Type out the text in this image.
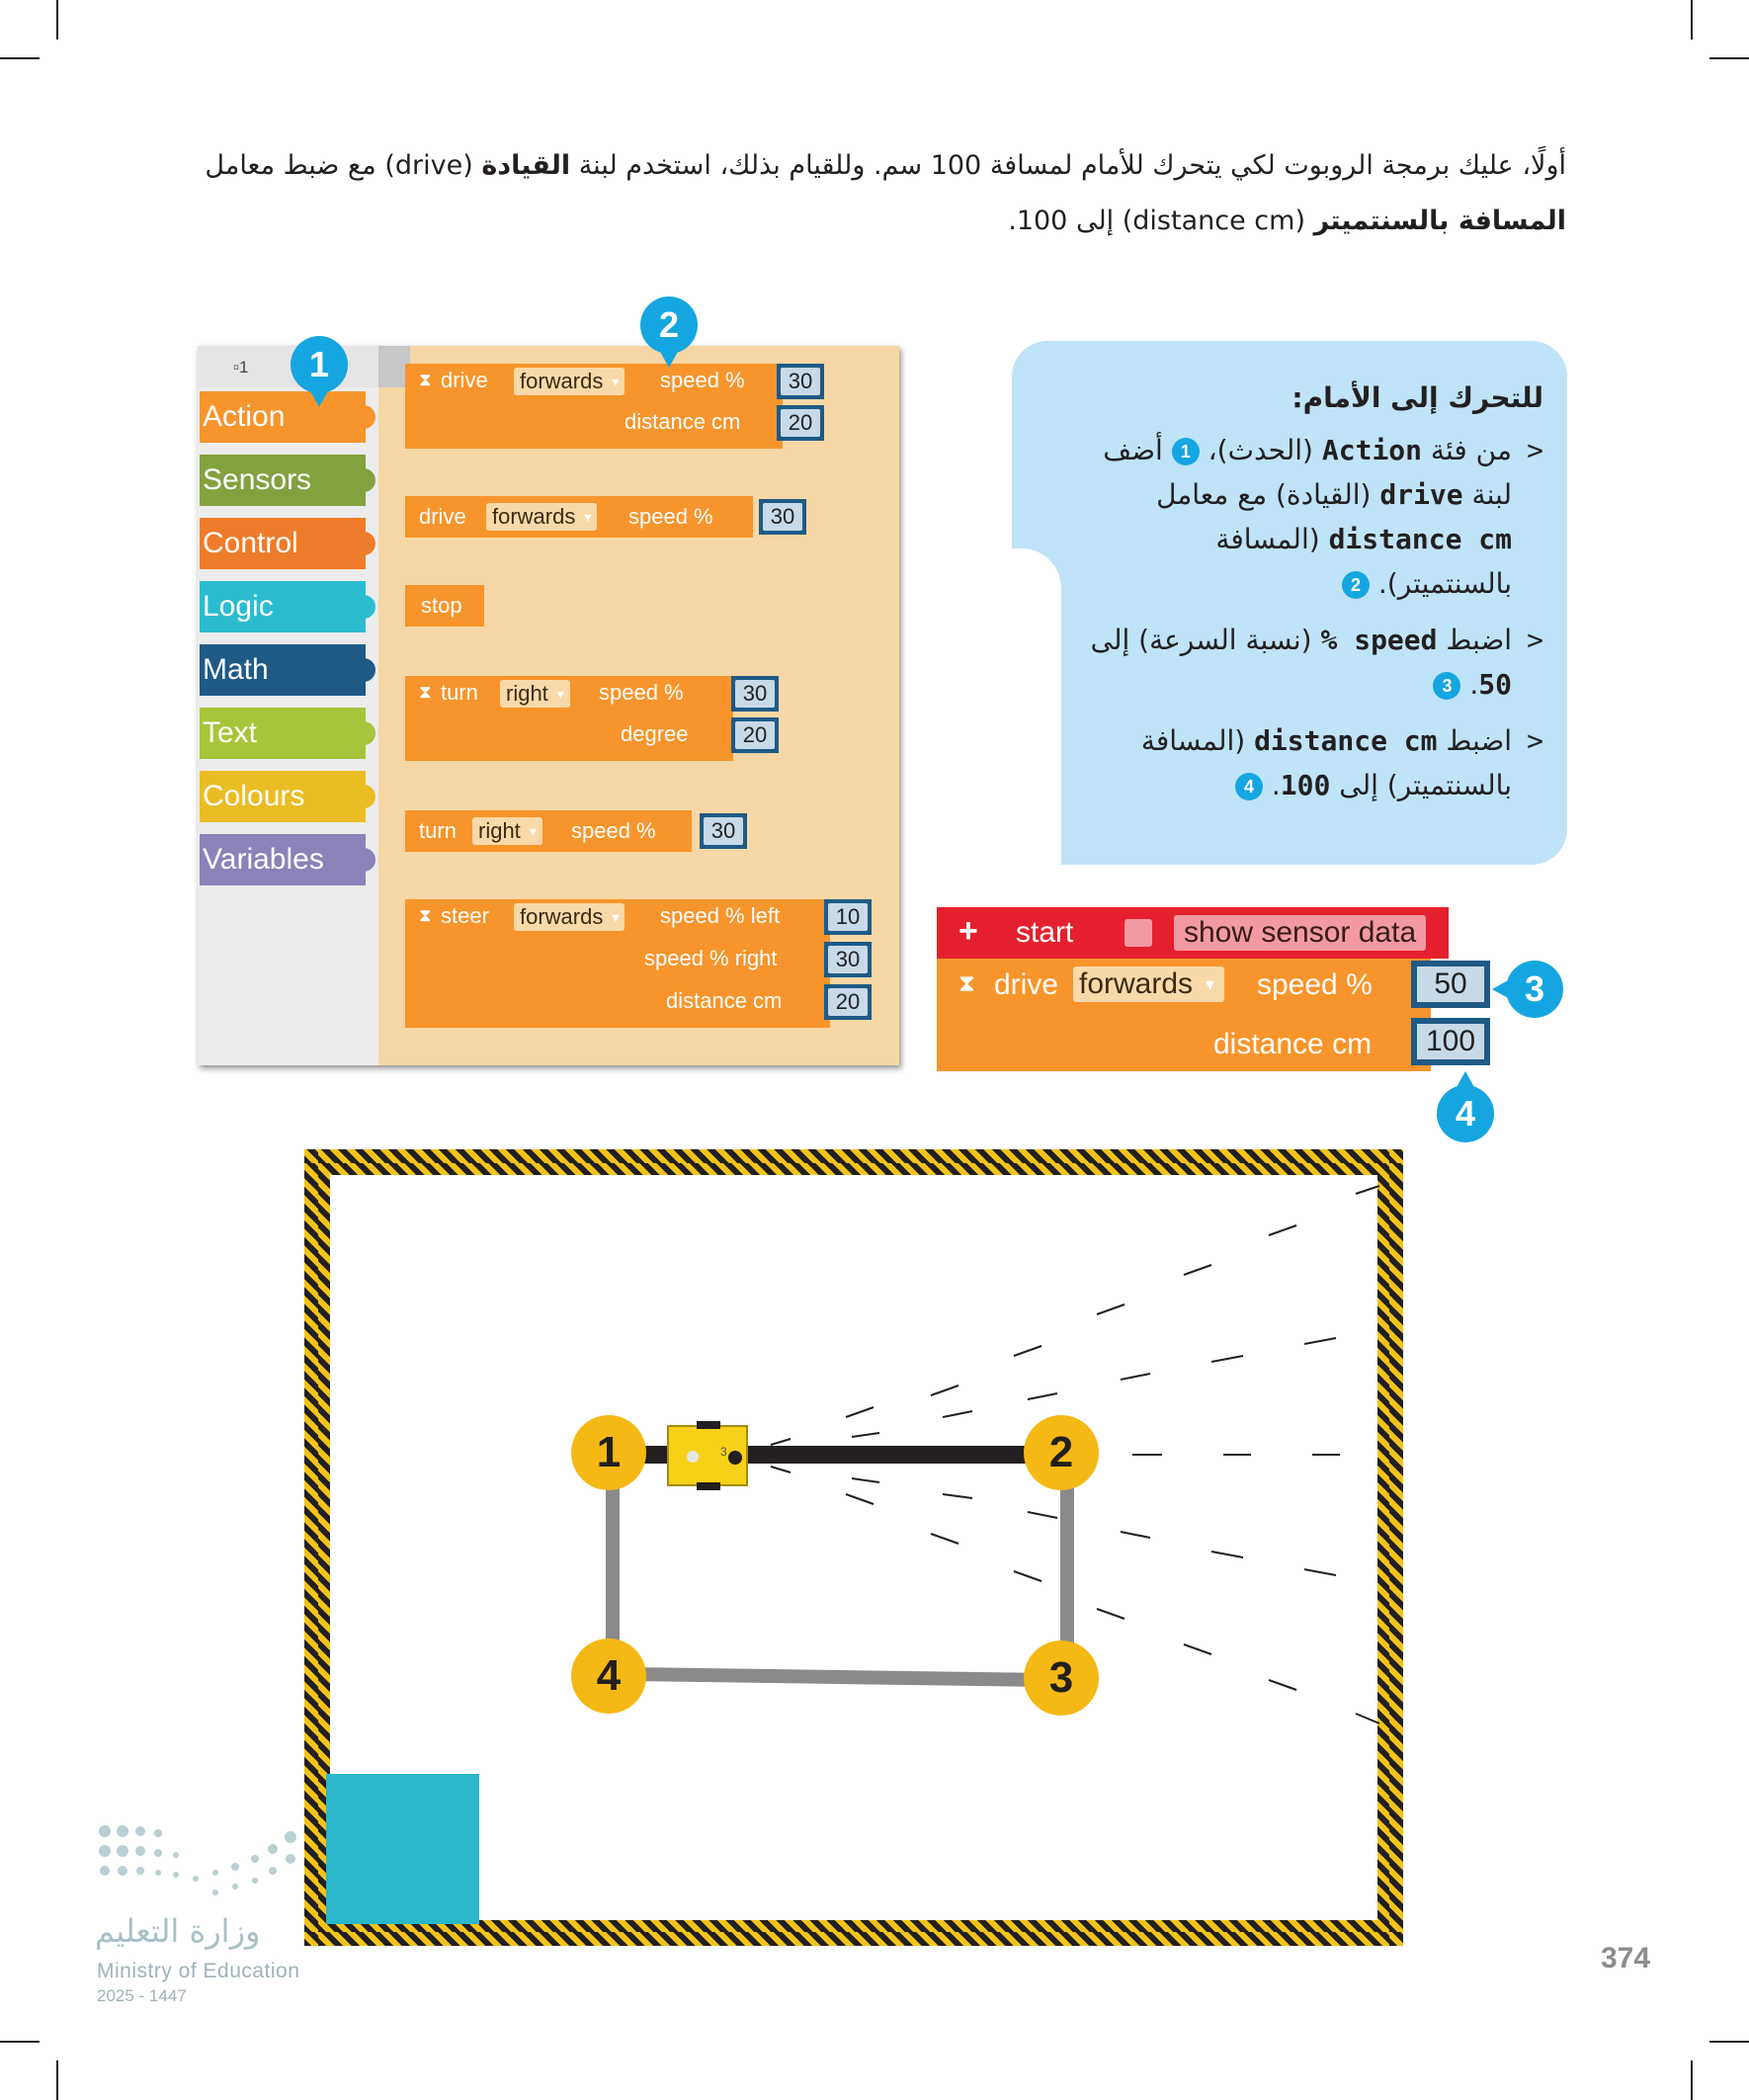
أولًا، عليك برمجة الروبوت لكي يتحرك للأمام لمسافة 100 سم. وللقيام بذلك، استخدم لبنة القيادة (drive) مع ضبط معامل
المسافة بالسنتميتر (distance cm) إلى 100.
▫1
Action
Sensors
Control
Logic
Math
Text
Colours
Variables
⧗ drive forwards ▾	speed %	30
distance cm	20
drive forwards ▾	speed %	30
stop
⧗ turn right ▾	speed %	30
degree	20
turn right ▾	speed %	30
⧗ steer forwards ▾	speed % left	10
speed % right	30
distance cm	20
1
2
للتحرك إلى الأمام:
< من فئة Action (الحدث)، 1 أضف لبنة drive (القيادة) مع معامل distance cm (المسافة بالسنتميتر). 2
< اضبط speed % (نسبة السرعة) إلى 50. 3
< اضبط distance cm (المسافة بالسنتميتر) إلى 100. 4
+ start	show sensor data
⧗ drive forwards ▾	speed %	50
distance cm 100
3
4
3
1	2
3
4
وزارة التعليم
Ministry of Education
2025 - 1447
374
